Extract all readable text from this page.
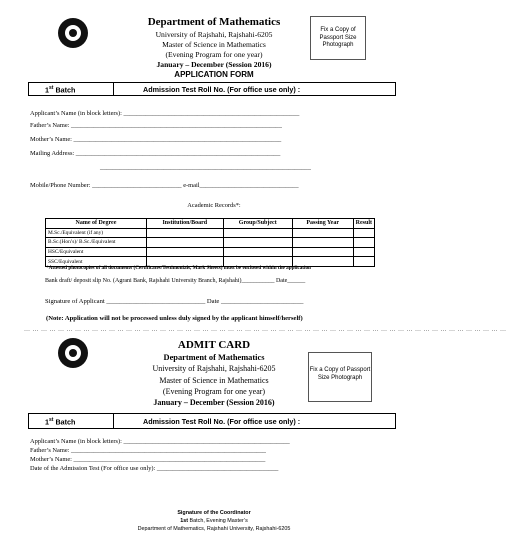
Fix a Copy of Passport Size Photograph
Department of Mathematics
University of Rajshahi, Rajshahi-6205
Master of Science in Mathematics
(Evening Program for one year)
January – December (Session 2016)
APPLICATION FORM
1st Batch	Admission Test Roll No. (For office use only) :
Applicant’s Name (in block letters): _______________________________________________________
Father’s Name: __________________________________________________________________
Mother’s Name: _________________________________________________________________
Mailing Address: ________________________________________________________________
__________________________________________________________________
Mobile/Phone Number: ____________________________ e-mail_______________________________
Academic Records*:
Name of Degree	Institution/Board	Group/Subject	Passing Year	Result
M.Sc./Equivalent (if any)				
B.Sc.(Hon’s)/ B.Sc./Equivalent				
HSC/Equivalent				
SSC/Equivalent				
*Attested photocopies of all documents (Certificates/Testimonials, Mark Sheets) must be enclosed within the application
Bank draft/ deposit slip No. (Agrani Bank, Rajshahi University Branch, Rajshahi)___________ Date______
Signature of Applicant ______________________________ Date _________________________
(Note: Application will not be processed unless duly signed by the applicant himself/herself)
… … … … … … … … … … … … … … … … … … … … … … … … … … … … … … … … … … … … … … … … … … … … … … … … … … … … … … … … …
Fix a Copy of Passport Size Photograph
ADMIT CARD
Department of Mathematics
University of Rajshahi, Rajshahi-6205
Master of Science in Mathematics
(Evening Program for one year)
January – December (Session 2016)
1st Batch	Admission Test Roll No. (For office use only) :
Applicant’s Name (in block letters): ____________________________________________________
Father’s Name: _____________________________________________________________
Mother’s Name: ____________________________________________________________
Date of the Admission Test (For office use only): ______________________________________
Signature of the Coordinator
1st Batch, Evening Master’s
Department of Mathematics, Rajshahi University, Rajshahi-6205
